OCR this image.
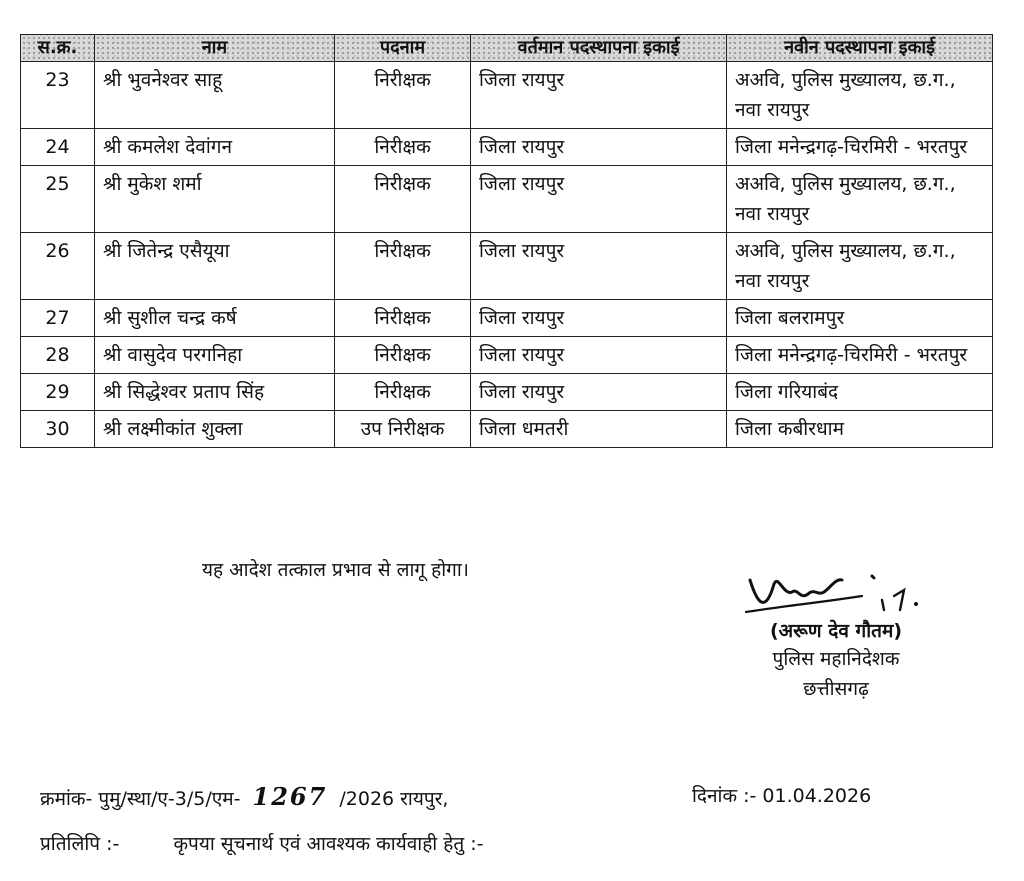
स.क्र.	नाम	पदनाम	वर्तमान पदस्थापना इकाई	नवीन पदस्थापना इकाई
23	श्री भुवनेश्वर साहू	निरीक्षक	जिला रायपुर	अअवि, पुलिस मुख्यालय, छ.ग., नवा रायपुर
24	श्री कमलेश देवांगन	निरीक्षक	जिला रायपुर	जिला मनेन्द्रगढ़-चिरमिरी - भरतपुर
25	श्री मुकेश शर्मा	निरीक्षक	जिला रायपुर	अअवि, पुलिस मुख्यालय, छ.ग., नवा रायपुर
26	श्री जितेन्द्र एसैयूया	निरीक्षक	जिला रायपुर	अअवि, पुलिस मुख्यालय, छ.ग., नवा रायपुर
27	श्री सुशील चन्द्र कर्ष	निरीक्षक	जिला रायपुर	जिला बलरामपुर
28	श्री वासुदेव परगनिहा	निरीक्षक	जिला रायपुर	जिला मनेन्द्रगढ़-चिरमिरी - भरतपुर
29	श्री सिद्धेश्वर प्रताप सिंह	निरीक्षक	जिला रायपुर	जिला गरियाबंद
30	श्री लक्ष्मीकांत शुक्ला	उप निरीक्षक	जिला धमतरी	जिला कबीरधाम
यह आदेश तत्काल प्रभाव से लागू होगा।
(अरूण देव गौतम)
पुलिस महानिदेशक
छत्तीसगढ़
क्रमांक- पुमु/स्था/ए-3/5/एम- 1267 /2026 रायपुर,	दिनांक :- 01.04.2026
प्रतिलिपि :-	कृपया सूचनार्थ एवं आवश्यक कार्यवाही हेतु :-
